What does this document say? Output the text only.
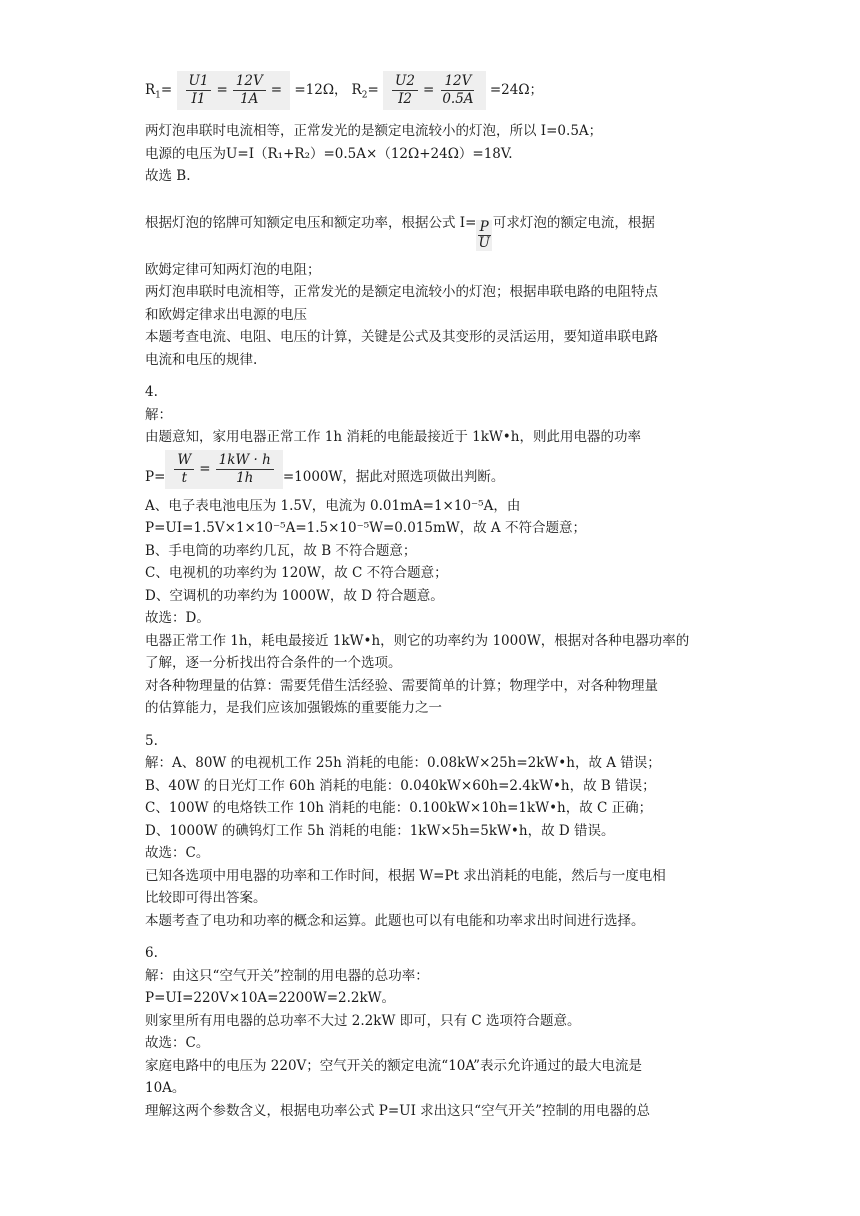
$R_1= \frac{U1}{I1} = \frac{12V}{1A} = =12\Omega$， $R_2= \frac{U2}{I2} = \frac{12V}{0.5A} =24\Omega$；
两灯泡串联时电流相等，正常发光的是额定电流较小的灯泡，所以 I=0.5A；
电源的电压为U=I（R₁+R₂）=0.5A×（12Ω+24Ω）=18V.
故选 B.
根据灯泡的铭牌可知额定电压和额定功率，根据公式 $I= \frac{P}{U}$ 可求灯泡的额定电流，根据
欧姆定律可知两灯泡的电阻；
两灯泡串联时电流相等，正常发光的是额定电流较小的灯泡；根据串联电路的电阻特点
和欧姆定律求出电源的电压
本题考查电流、电阻、电压的计算，关键是公式及其变形的灵活运用，要知道串联电路
电流和电压的规律.
4.
解：
由题意知，家用电器正常工作 1h 消耗的电能最接近于 1kW•h，则此用电器的功率
$P= \frac{W}{t} = \frac{1kW \cdot h}{1h} =1000W$，据此对照选项做出判断。
A、电子表电池电压为 1.5V，电流为 0.01mA=1×10⁻⁵A，由
P=UI=1.5V×1×10⁻⁵A=1.5×10⁻⁵W=0.015mW，故 A 不符合题意；
B、手电筒的功率约几瓦，故 B 不符合题意；
C、电视机的功率约为 120W，故 C 不符合题意；
D、空调机的功率约为 1000W，故 D 符合题意。
故选：D。
电器正常工作 1h，耗电最接近 1kW•h，则它的功率约为 1000W，根据对各种电器功率的
了解，逐一分析找出符合条件的一个选项。
对各种物理量的估算：需要凭借生活经验、需要简单的计算；物理学中，对各种物理量
的估算能力，是我们应该加强锻炼的重要能力之一
5.
解：A、80W 的电视机工作 25h 消耗的电能：0.08kW×25h=2kW•h，故 A 错误；
B、40W 的日光灯工作 60h 消耗的电能：0.040kW×60h=2.4kW•h，故 B 错误；
C、100W 的电烙铁工作 10h 消耗的电能：0.100kW×10h=1kW•h，故 C 正确；
D、1000W 的碘钨灯工作 5h 消耗的电能：1kW×5h=5kW•h，故 D 错误。
故选：C。
已知各选项中用电器的功率和工作时间，根据 W=Pt 求出消耗的电能，然后与一度电相
比较即可得出答案。
本题考查了电功和功率的概念和运算。此题也可以有电能和功率求出时间进行选择。
6.
解：由这只“空气开关”控制的用电器的总功率：
P=UI=220V×10A=2200W=2.2kW。
则家里所有用电器的总功率不大过 2.2kW 即可，只有 C 选项符合题意。
故选：C。
家庭电路中的电压为 220V；空气开关的额定电流“10A”表示允许通过的最大电流是
10A。
理解这两个参数含义，根据电功率公式 P=UI 求出这只“空气开关”控制的用电器的总
